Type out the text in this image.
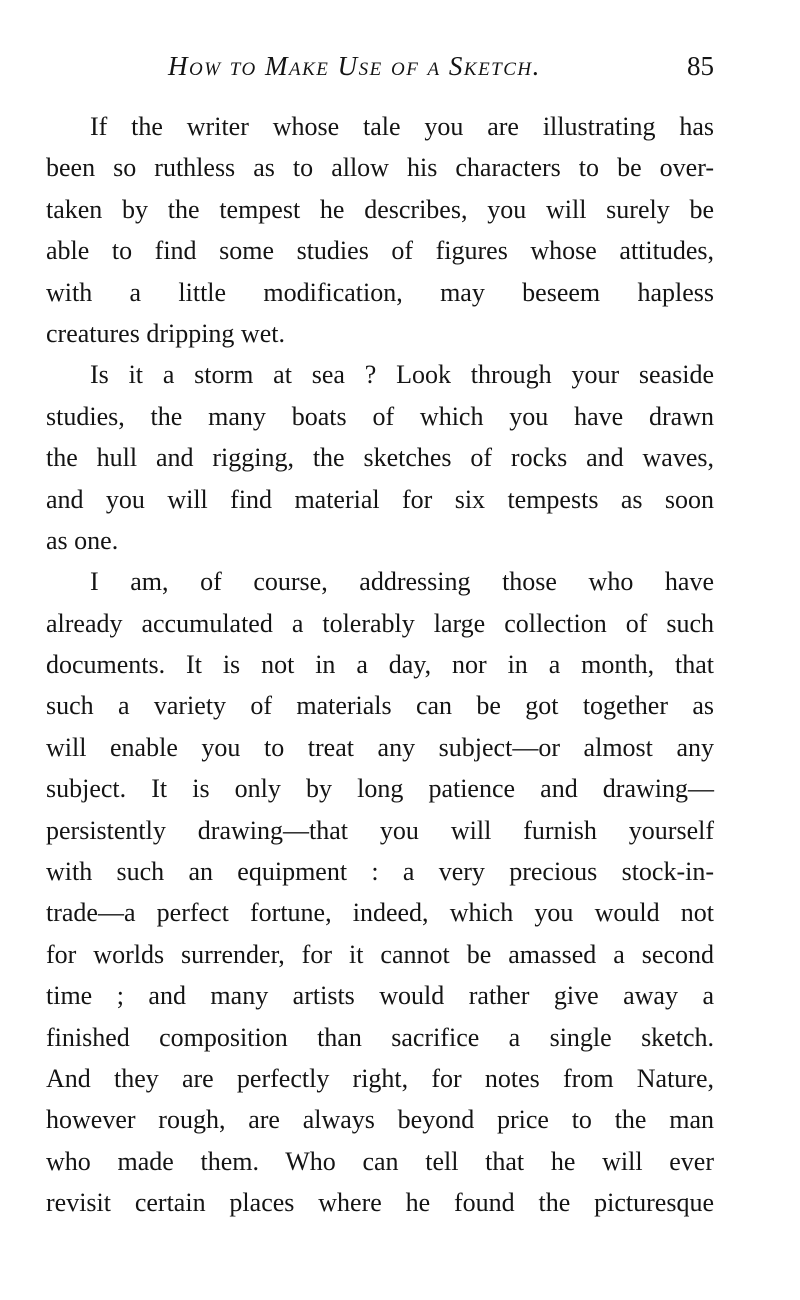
How to Make Use of a Sketch.	85
If the writer whose tale you are illustrating has
been so ruthless as to allow his characters to be over-
taken by the tempest he describes, you will surely be
able to find some studies of figures whose attitudes,
with a little modification, may beseem hapless
creatures dripping wet.
Is it a storm at sea ? Look through your seaside
studies, the many boats of which you have drawn
the hull and rigging, the sketches of rocks and waves,
and you will find material for six tempests as soon
as one.
I am, of course, addressing those who have
already accumulated a tolerably large collection of such
documents. It is not in a day, nor in a month, that
such a variety of materials can be got together as
will enable you to treat any subject—or almost any
subject. It is only by long patience and drawing—
persistently drawing—that you will furnish yourself
with such an equipment : a very precious stock-in-
trade—a perfect fortune, indeed, which you would not
for worlds surrender, for it cannot be amassed a second
time ; and many artists would rather give away a
finished composition than sacrifice a single sketch.
And they are perfectly right, for notes from Nature,
however rough, are always beyond price to the man
who made them. Who can tell that he will ever
revisit certain places where he found the picturesque
